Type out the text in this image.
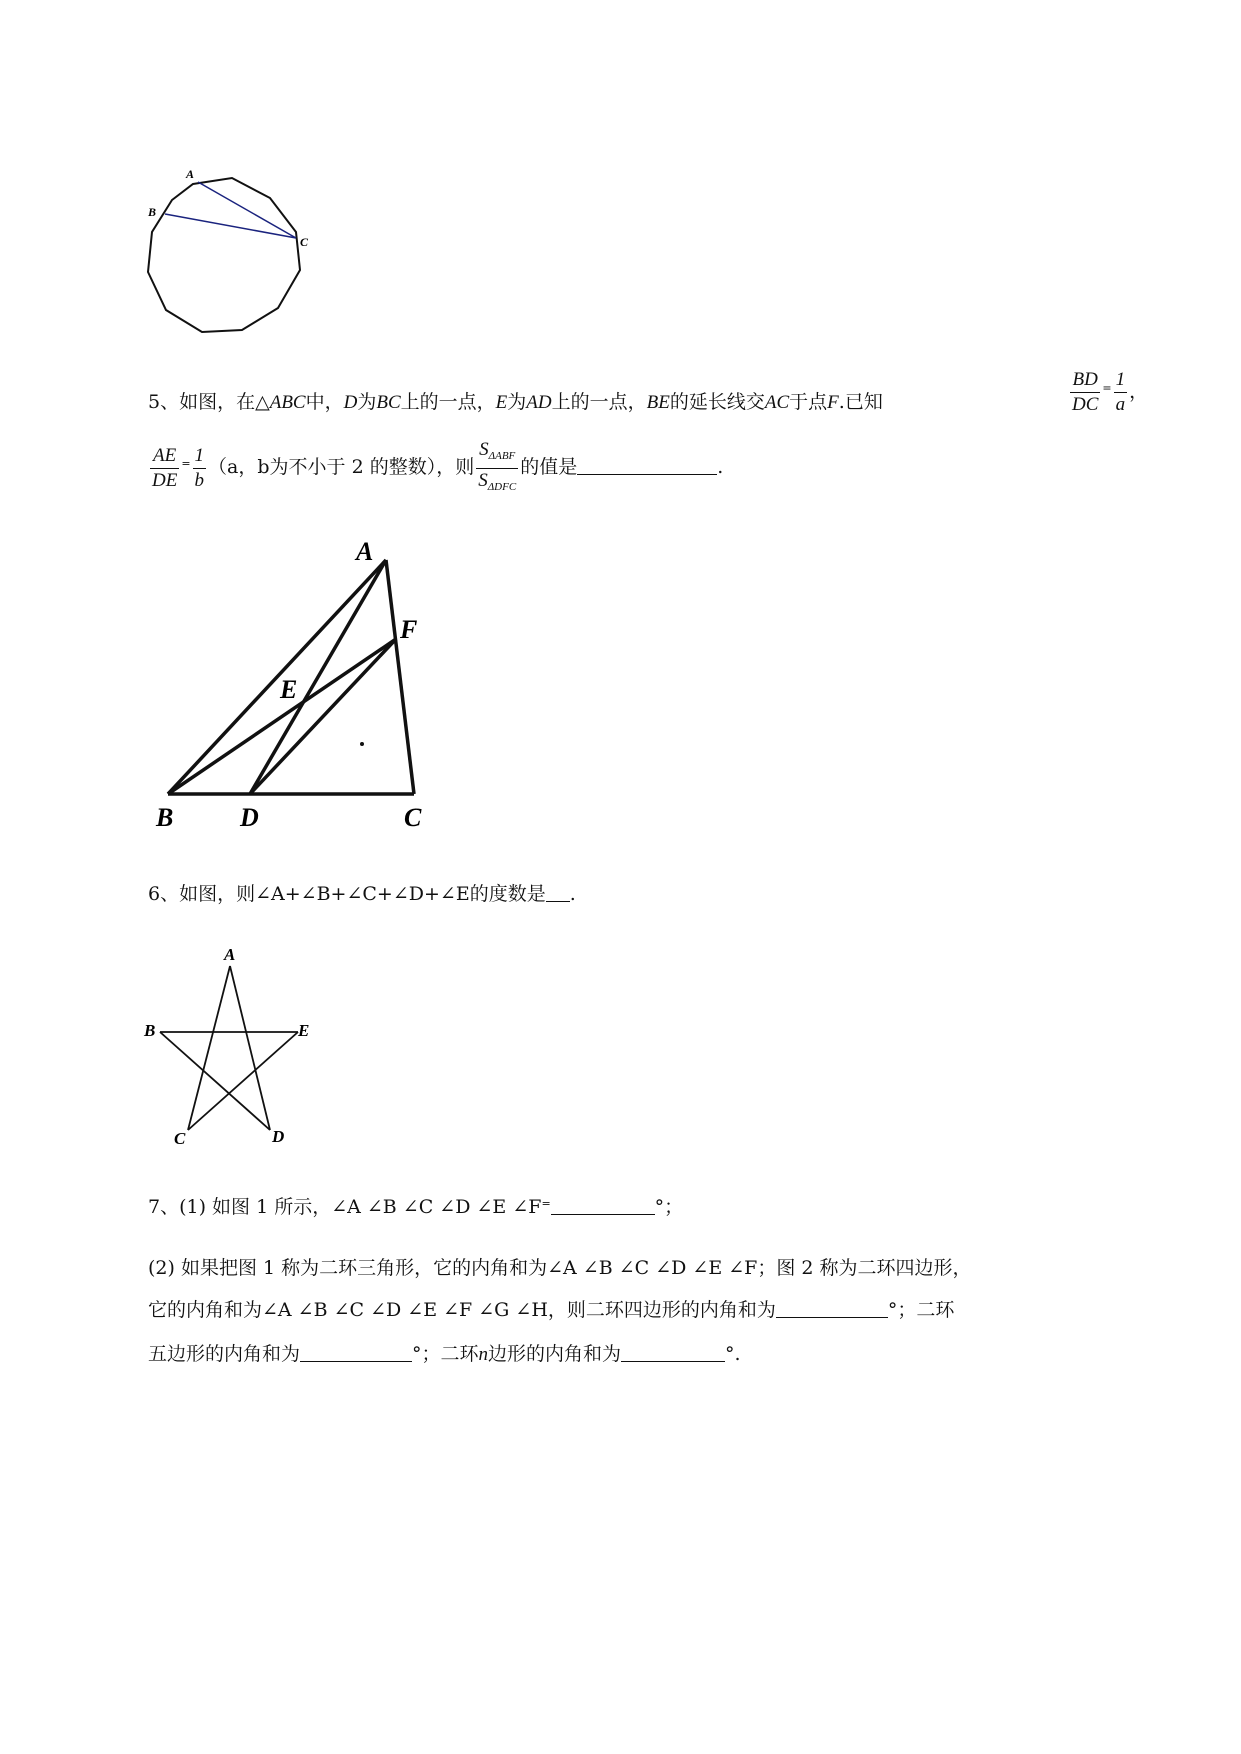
A
B
C
5、如图，在△ABC中，D为BC上的一点，E为AD上的一点，BE的延长线交AC于点F.已知	$\frac{BD}{DC} ^= \frac{1}{a}$ ，
$\frac{AE}{DE} ^= \frac{1}{b} (a$，b为不小于 2 的整数），则 $\frac{S_{\Delta ABF}}{S_{\Delta DFC}}$ 的值是	.
A
F
E
B	D	C
6、如图，则∠A+∠B+∠C+∠D+∠E的度数是 .
A
B	E
C	D
7、(1) 如图 1 所示，∠A ∠B ∠C ∠D ∠E ∠F=	°；
(2) 如果把图 1 称为二环三角形，它的内角和为∠A ∠B ∠C ∠D ∠E ∠F；图 2 称为二环四边形，
它的内角和为∠A ∠B ∠C ∠D ∠E ∠F ∠G ∠H，则二环四边形的内角和为	°；二环
五边形的内角和为	°；二环n边形的内角和为	°.
